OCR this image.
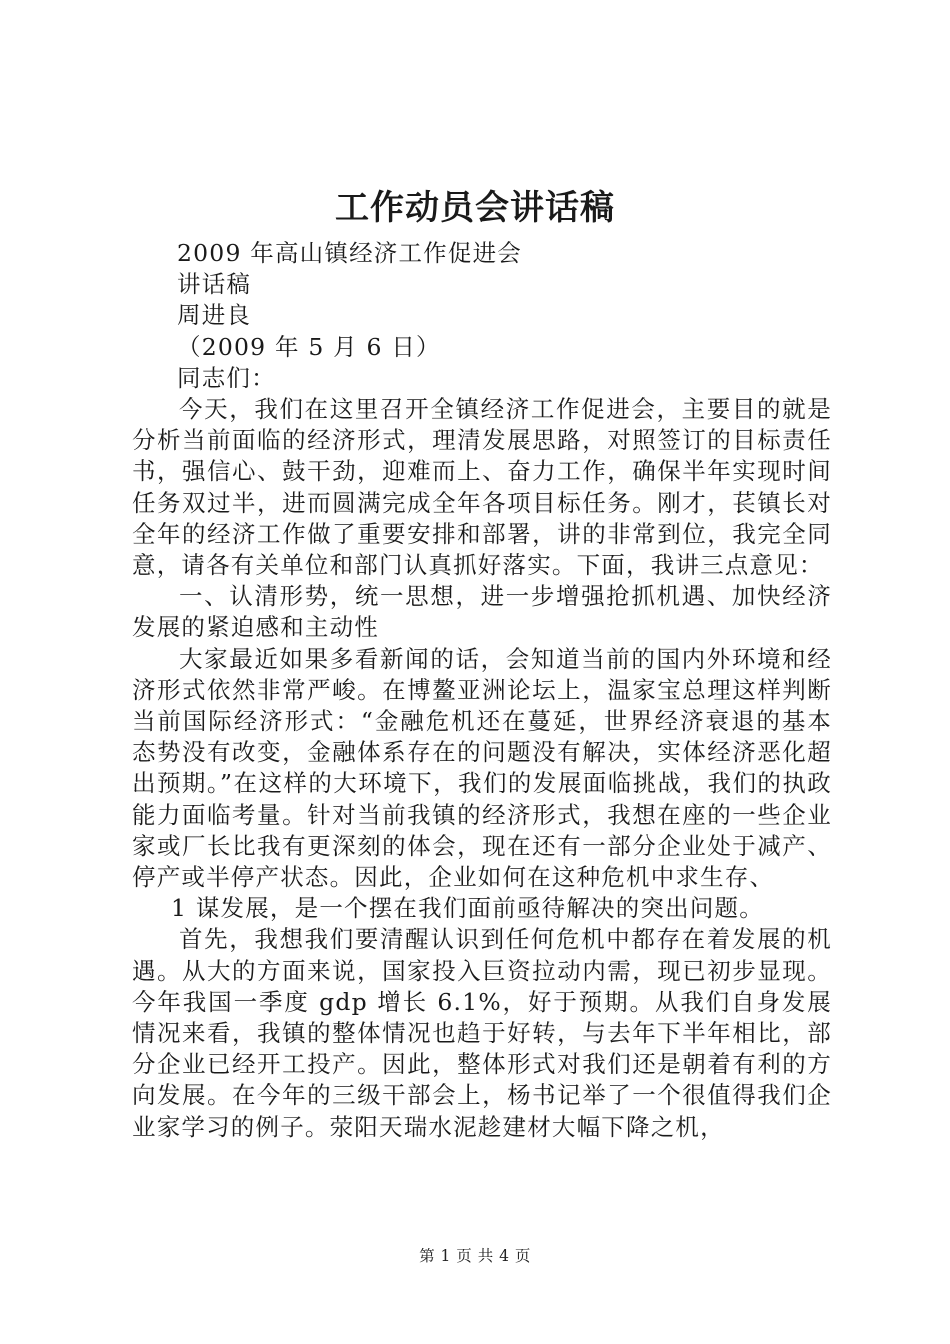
工作动员会讲话稿
2009 年高山镇经济工作促进会
讲话稿
周进良
（2009 年 5 月 6 日）
同志们：

今天，我们在这里召开全镇经济工作促进会，主要目的就是分析当前面临的经济形式，理清发展思路，对照签订的目标责任书，强信心、鼓干劲，迎难而上、奋力工作，确保半年实现时间任务双过半，进而圆满完成全年各项目标任务。刚才，苌镇长对全年的经济工作做了重要安排和部署，讲的非常到位，我完全同意，请各有关单位和部门认真抓好落实。下面，我讲三点意见：

一、认清形势，统一思想，进一步增强抢抓机遇、加快经济发展的紧迫感和主动性

大家最近如果多看新闻的话，会知道当前的国内外环境和经济形式依然非常严峻。在博鳌亚洲论坛上，温家宝总理这样判断当前国际经济形式：“金融危机还在蔓延，世界经济衰退的基本态势没有改变，金融体系存在的问题没有解决，实体经济恶化超出预期。”在这样的大环境下，我们的发展面临挑战，我们的执政能力面临考量。针对当前我镇的经济形式，我想在座的一些企业家或厂长比我有更深刻的体会，现在还有一部分企业处于减产、停产或半停产状态。因此，企业如何在这种危机中求生存、

1 谋发展，是一个摆在我们面前亟待解决的突出问题。

首先，我想我们要清醒认识到任何危机中都存在着发展的机遇。从大的方面来说，国家投入巨资拉动内需，现已初步显现。今年我国一季度 gdp 增长 6.1%，好于预期。从我们自身发展情况来看，我镇的整体情况也趋于好转，与去年下半年相比，部分企业已经开工投产。因此，整体形式对我们还是朝着有利的方向发展。在今年的三级干部会上，杨书记举了一个很值得我们企业家学习的例子。荥阳天瑞水泥趁建材大幅下降之机，

第 1 页 共 4 页
